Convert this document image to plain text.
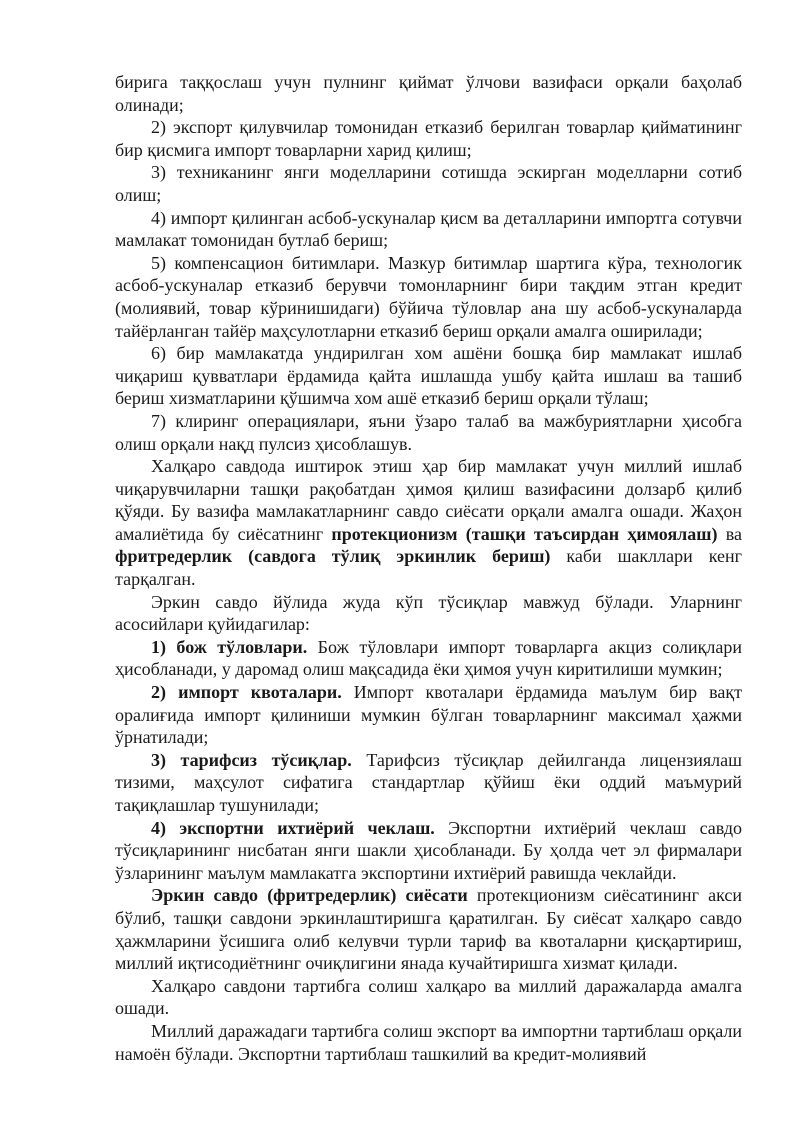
бирига таққослаш учун пулнинг қиймат ўлчови вазифаси орқали баҳолаб олинади;

2) экспорт қилувчилар томонидан етказиб берилган товарлар қийматининг бир қисмига импорт товарларни харид қилиш;

3) техниканинг янги моделларини сотишда эскирган моделларни сотиб олиш;

4) импорт қилинган асбоб-ускуналар қисм ва деталларини импортга сотувчи мамлакат томонидан бутлаб бериш;

5) компенсацион битимлари. Мазкур битимлар шартига кўра, технологик асбоб-ускуналар етказиб берувчи томонларнинг бири тақдим этган кредит (молиявий, товар кўринишидаги) бўйича тўловлар ана шу асбоб-ускуналарда тайёрланган тайёр маҳсулотларни етказиб бериш орқали амалга оширилади;

6) бир мамлакатда ундирилган хом ашёни бошқа бир мамлакат ишлаб чиқариш қувватлари ёрдамида қайта ишлашда ушбу қайта ишлаш ва ташиб бериш хизматларини қўшимча хом ашё етказиб бериш орқали тўлаш;

7) клиринг операциялари, яъни ўзаро талаб ва мажбуриятларни ҳисобга олиш орқали нақд пулсиз ҳисоблашув.

Халқаро савдода иштирок этиш ҳар бир мамлакат учун миллий ишлаб чиқарувчиларни ташқи рақобатдан ҳимоя қилиш вазифасини долзарб қилиб қўяди. Бу вазифа мамлакатларнинг савдо сиёсати орқали амалга ошади. Жаҳон амалиётида бу сиёсатнинг протекционизм (ташқи таъсирдан ҳимоялаш) ва фритредерлик (савдога тўлиқ эркинлик бериш) каби шакллари кенг тарқалган.

Эркин савдо йўлида жуда кўп тўсиқлар мавжуд бўлади. Уларнинг асосийлари қуйидагилар:

1) бож тўловлари. Бож тўловлари импорт товарларга акциз солиқлари ҳисобланади, у даромад олиш мақсадида ёки ҳимоя учун киритилиши мумкин;

2) импорт квоталари. Импорт квоталари ёрдамида маълум бир вақт оралиғида импорт қилиниши мумкин бўлган товарларнинг максимал ҳажми ўрнатилади;

3) тарифсиз тўсиқлар. Тарифсиз тўсиқлар дейилганда лицензиялаш тизими, маҳсулот сифатига стандартлар қўйиш ёки оддий маъмурий тақиқлашлар тушунилади;

4) экспортни ихтиёрий чеклаш. Экспортни ихтиёрий чеклаш савдо тўсиқларининг нисбатан янги шакли ҳисобланади. Бу ҳолда чет эл фирмалари ўзларининг маълум мамлакатга экспортини ихтиёрий равишда чеклайди.

Эркин савдо (фритредерлик) сиёсати протекционизм сиёсатининг акси бўлиб, ташқи савдони эркинлаштиришга қаратилган. Бу сиёсат халқаро савдо ҳажмларини ўсишига олиб келувчи турли тариф ва квоталарни қисқартириш, миллий иқтисодиётнинг очиқлигини янада кучайтиришга хизмат қилади.

Халқаро савдони тартибга солиш халқаро ва миллий даражаларда амалга ошади.

Миллий даражадаги тартибга солиш экспорт ва импортни тартиблаш орқали намоён бўлади. Экспортни тартиблаш ташкилий ва кредит-молиявий
